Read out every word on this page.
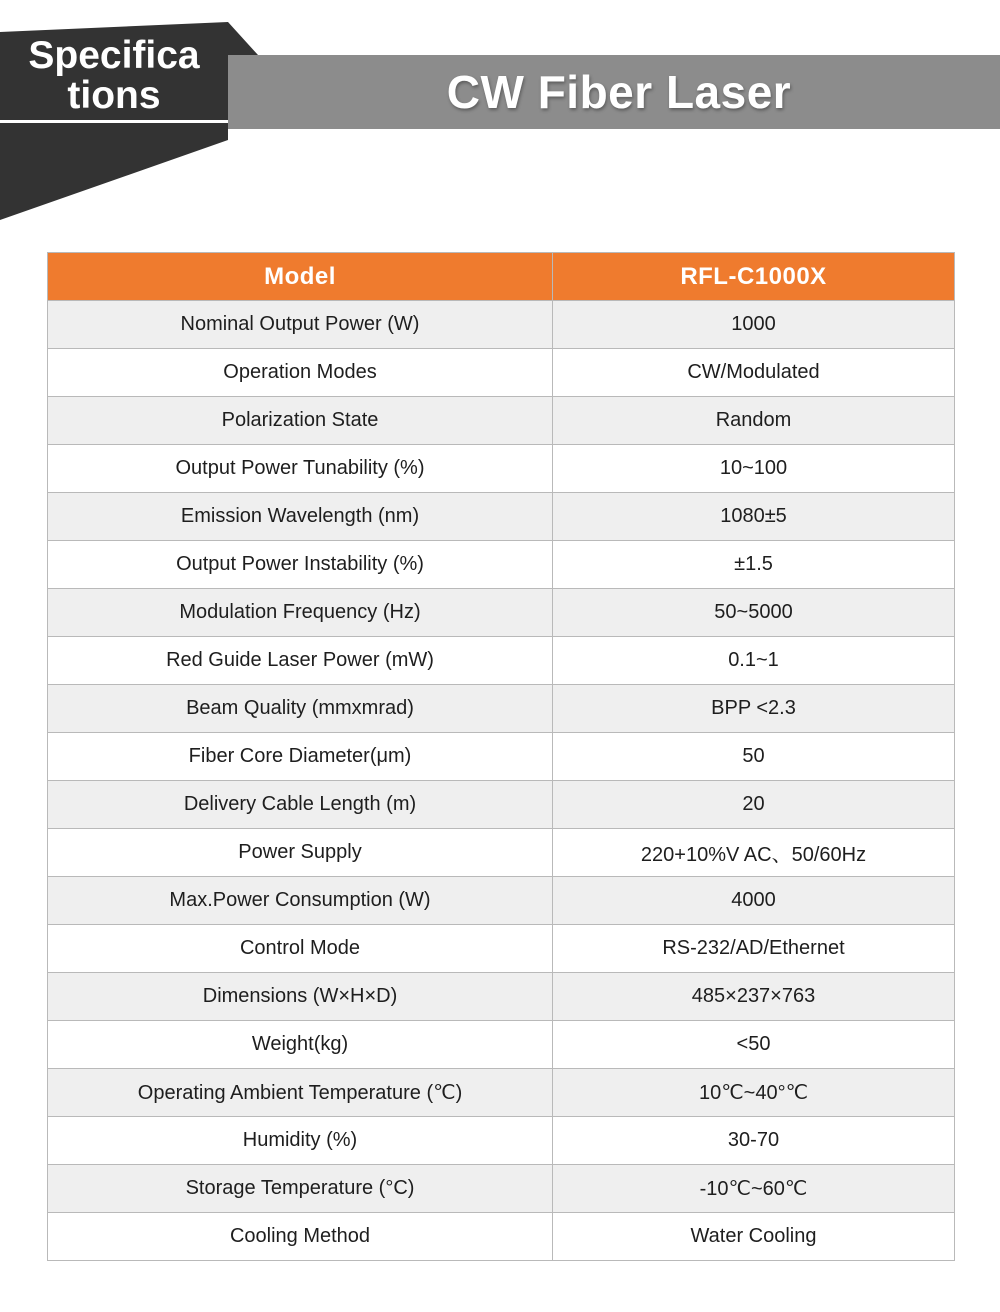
CW Fiber Laser
Specifica tions
Model	RFL-C1000X
Nominal Output Power (W)	1000
Operation Modes	CW/Modulated
Polarization State	Random
Output Power Tunability (%)	10~100
Emission Wavelength (nm)	1080±5
Output Power Instability (%)	±1.5
Modulation Frequency (Hz)	50~5000
Red Guide Laser Power (mW)	0.1~1
Beam Quality (mmxmrad)	BPP <2.3
Fiber Core Diameter(μm)	50
Delivery Cable Length (m)	20
Power Supply	220+10%V AC、50/60Hz
Max.Power Consumption (W)	4000
Control Mode	RS-232/AD/Ethernet
Dimensions (W×H×D)	485×237×763
Weight(kg)	<50
Operating Ambient Temperature (℃)	10℃~40°℃
Humidity (%)	30-70
Storage Temperature (°C)	-10℃~60℃
Cooling Method	Water Cooling
